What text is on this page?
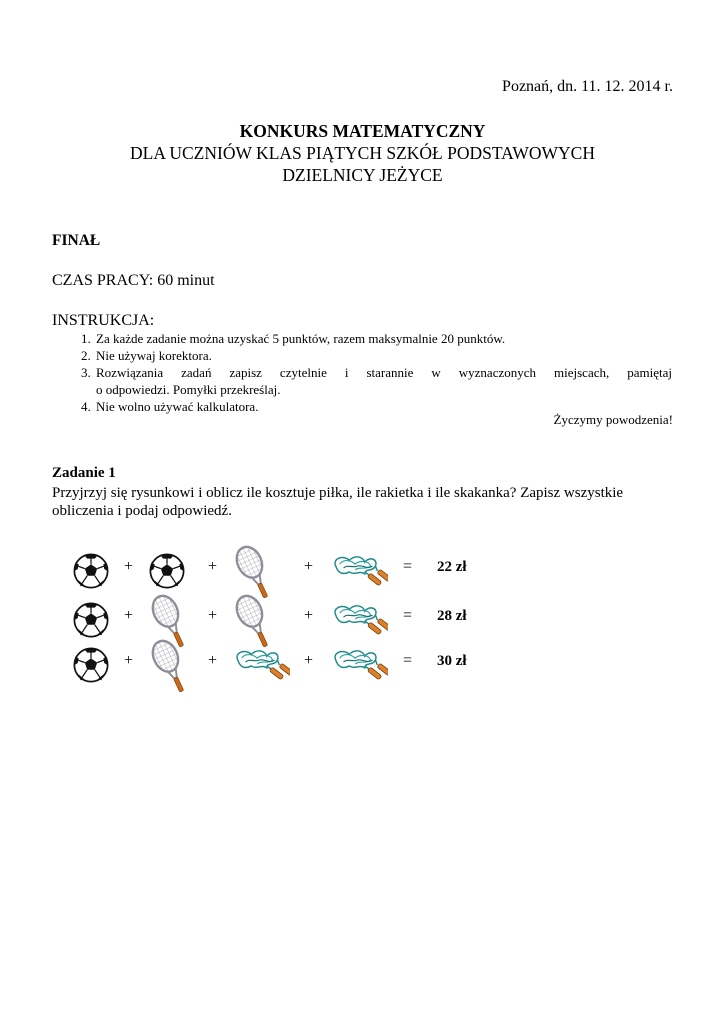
Poznań, dn. 11. 12. 2014 r.
KONKURS MATEMATYCZNY
DLA UCZNIÓW KLAS PIĄTYCH SZKÓŁ PODSTAWOWYCH
DZIELNICY JEŻYCE
FINAŁ
CZAS PRACY: 60 minut
INSTRUKCJA:
1. Za każde zadanie można uzyskać 5 punktów, razem maksymalnie 20 punktów.
2. Nie używaj korektora.
3. Rozwiązania zadań zapisz czytelnie i starannie w wyznaczonych miejscach, pamiętaj
o odpowiedzi. Pomyłki przekreślaj.
4. Nie wolno używać kalkulatora.
Życzymy powodzenia!
Zadanie 1
Przyjrzyj się rysunkowi i oblicz ile kosztuje piłka, ile rakietka i ile skakanka? Zapisz wszystkie obliczenia i podaj odpowiedź.
+	+	+	= 22 zł
+	+	+	= 28 zł
+	+	+	= 30 zł
